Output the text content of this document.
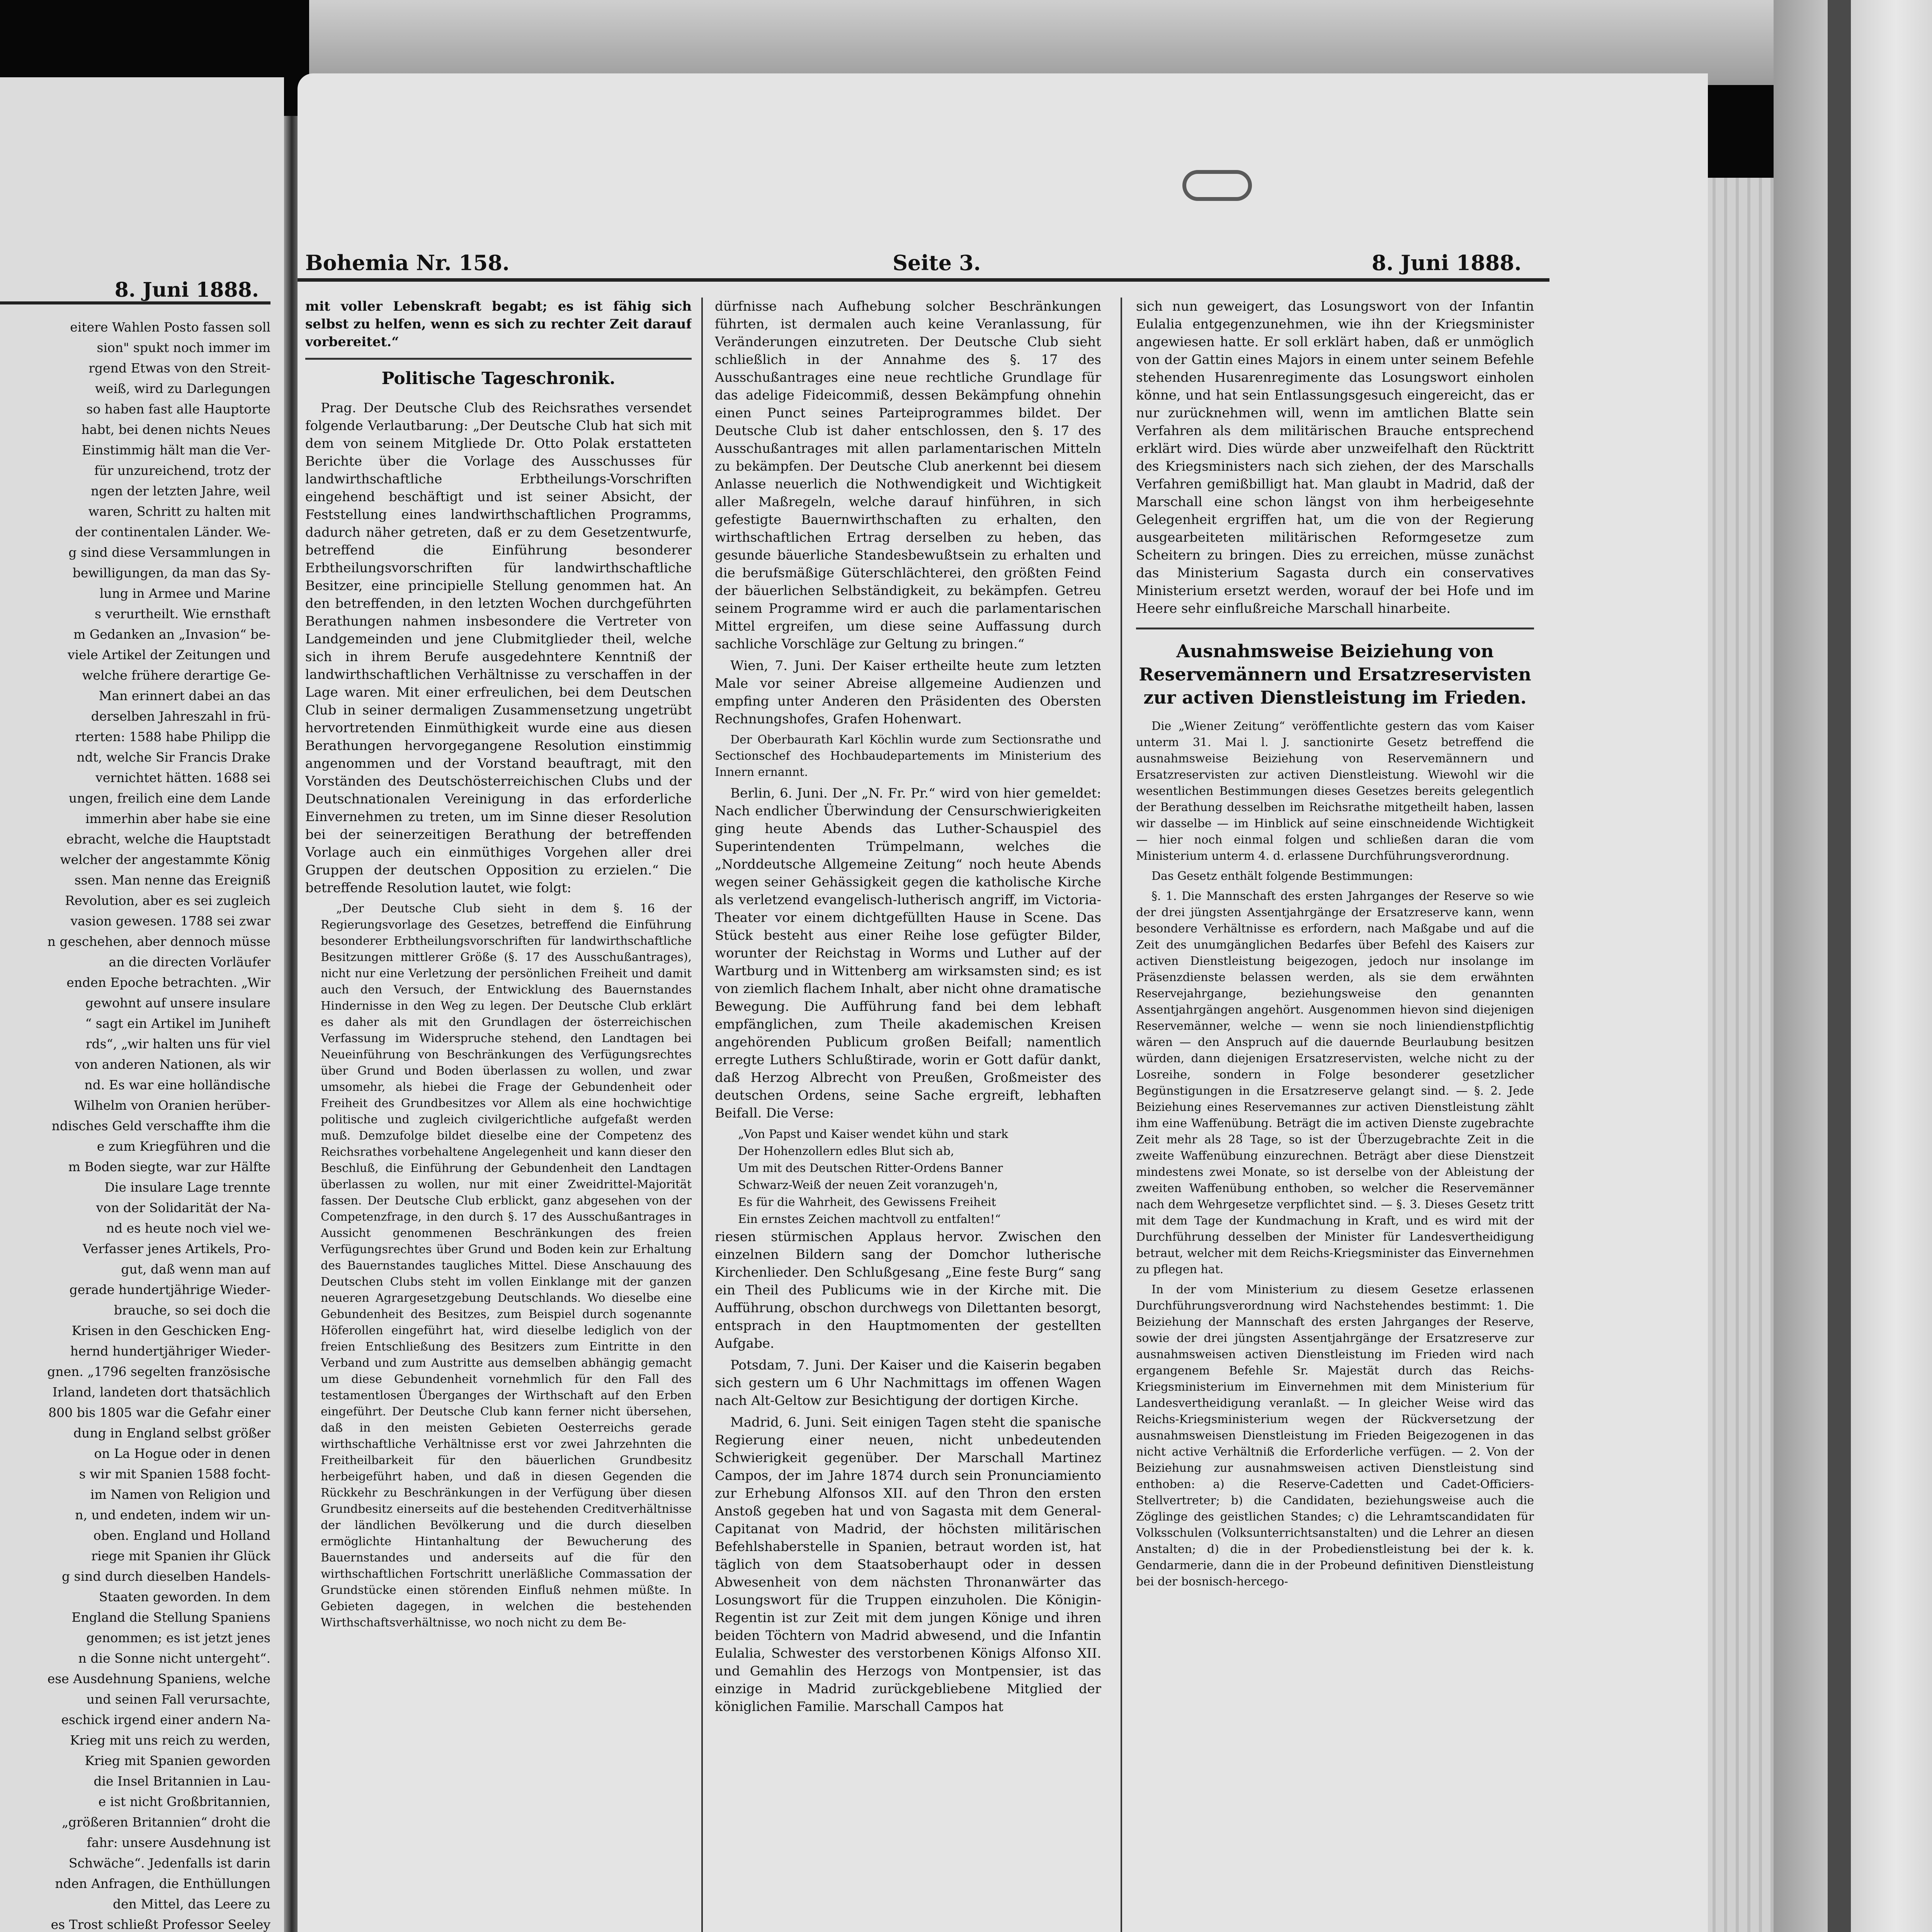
8. Juni 1888.
eitere Wahlen Posto fassen soll
sion" spukt noch immer im
rgend Etwas von den Streit-
weiß, wird zu Darlegungen
so haben fast alle Hauptorte
habt, bei denen nichts Neues
Einstimmig hält man die Ver-
für unzureichend, trotz der
ngen der letzten Jahre, weil
waren, Schritt zu halten mit
der continentalen Länder. We-
g sind diese Versammlungen in
bewilligungen, da man das Sy-
lung in Armee und Marine
s verurtheilt. Wie ernsthaft
m Gedanken an „Invasion“ be-
viele Artikel der Zeitungen und
welche frühere derartige Ge-
Man erinnert dabei an das
derselben Jahreszahl in frü-
rterten: 1588 habe Philipp die
ndt, welche Sir Francis Drake
vernichtet hätten. 1688 sei
ungen, freilich eine dem Lande
immerhin aber habe sie eine
ebracht, welche die Hauptstadt
welcher der angestammte König
ssen. Man nenne das Ereigniß
Revolution, aber es sei zugleich
vasion gewesen. 1788 sei zwar
n geschehen, aber dennoch müsse
an die directen Vorläufer
enden Epoche betrachten. „Wir
gewohnt auf unsere insulare
“ sagt ein Artikel im Juniheft
rds“, „wir halten uns für viel
von anderen Nationen, als wir
nd. Es war eine holländische
Wilhelm von Oranien herüber-
ndisches Geld verschaffte ihm die
e zum Kriegführen und die
m Boden siegte, war zur Hälfte
Die insulare Lage trennte
von der Solidarität der Na-
nd es heute noch viel we-
Verfasser jenes Artikels, Pro-
gut, daß wenn man auf
gerade hundertjährige Wieder-
brauche, so sei doch die
Krisen in den Geschicken Eng-
hernd hundertjähriger Wieder-
gnen. „1796 segelten französische
Irland, landeten dort thatsächlich
800 bis 1805 war die Gefahr einer
dung in England selbst größer
on La Hogue oder in denen
s wir mit Spanien 1588 focht-
im Namen von Religion und
n, und endeten, indem wir un-
oben. England und Holland
riege mit Spanien ihr Glück
g sind durch dieselben Handels-
Staaten geworden. In dem
England die Stellung Spaniens
genommen; es ist jetzt jenes
n die Sonne nicht untergeht“.
ese Ausdehnung Spaniens, welche
und seinen Fall verursachte,
eschick irgend einer andern Na-
Krieg mit uns reich zu werden,
Krieg mit Spanien geworden
die Insel Britannien in Lau-
e ist nicht Großbritannien,
„größeren Britannien“ droht die
fahr: unsere Ausdehnung ist
Schwäche“. Jedenfalls ist darin
nden Anfragen, die Enthüllungen
den Mittel, das Leere zu
es Trost schließt Professor Seeley
Bohemia Nr. 158.	Seite 3.	8. Juni 1888.

mit voller Lebenskraft begabt; es ist fähig sich selbst zu helfen, wenn es sich zu rechter Zeit darauf vorbereitet.“

Politische Tageschronik.

Prag. Der Deutsche Club des Reichsrathes versendet folgende Verlautbarung: „Der Deutsche Club hat sich mit dem von seinem Mitgliede Dr. Otto Polak erstatteten Berichte über die Vorlage des Ausschusses für landwirthschaftliche Erbtheilungs-Vorschriften eingehend beschäftigt und ist seiner Absicht, der Feststellung eines landwirthschaftlichen Programms, dadurch näher getreten, daß er zu dem Gesetzentwurfe, betreffend die Einführung besonderer Erbtheilungsvorschriften für landwirthschaftliche Besitzer, eine principielle Stellung genommen hat. An den betreffenden, in den letzten Wochen durchgeführten Berathungen nahmen insbesondere die Vertreter von Landgemeinden und jene Clubmitglieder theil, welche sich in ihrem Berufe ausgedehntere Kenntniß der landwirthschaftlichen Verhältnisse zu verschaffen in der Lage waren. Mit einer erfreulichen, bei dem Deutschen Club in seiner dermaligen Zusammensetzung ungetrübt hervortretenden Einmüthigkeit wurde eine aus diesen Berathungen hervorgegangene Resolution einstimmig angenommen und der Vorstand beauftragt, mit den Vorständen des Deutschösterreichischen Clubs und der Deutschnationalen Vereinigung in das erforderliche Einvernehmen zu treten, um im Sinne dieser Resolution bei der seinerzeitigen Berathung der betreffenden Vorlage auch ein einmüthiges Vorgehen aller drei Gruppen der deutschen Opposition zu erzielen.“ Die betreffende Resolution lautet, wie folgt:

„Der Deutsche Club sieht in dem §. 16 der Regierungsvorlage des Gesetzes, betreffend die Einführung besonderer Erbtheilungsvorschriften für landwirthschaftliche Besitzungen mittlerer Größe (§. 17 des Ausschußantrages), nicht nur eine Verletzung der persönlichen Freiheit und damit auch den Versuch, der Entwicklung des Bauernstandes Hindernisse in den Weg zu legen. Der Deutsche Club erklärt es daher als mit den Grundlagen der österreichischen Verfassung im Widerspruche stehend, den Landtagen bei Neueinführung von Beschränkungen des Verfügungsrechtes über Grund und Boden überlassen zu wollen, und zwar umsomehr, als hiebei die Frage der Gebundenheit oder Freiheit des Grundbesitzes vor Allem als eine hochwichtige politische und zugleich civilgerichtliche aufgefaßt werden muß. Demzufolge bildet dieselbe eine der Competenz des Reichsrathes vorbehaltene Angelegenheit und kann dieser den Beschluß, die Einführung der Gebundenheit den Landtagen überlassen zu wollen, nur mit einer Zweidrittel-Majorität fassen. Der Deutsche Club erblickt, ganz abgesehen von der Competenzfrage, in den durch §. 17 des Ausschußantrages in Aussicht genommenen Beschränkungen des freien Verfügungsrechtes über Grund und Boden kein zur Erhaltung des Bauernstandes taugliches Mittel. Diese Anschauung des Deutschen Clubs steht im vollen Einklange mit der ganzen neueren Agrargesetzgebung Deutschlands. Wo dieselbe eine Gebundenheit des Besitzes, zum Beispiel durch sogenannte Höferollen eingeführt hat, wird dieselbe lediglich von der freien Entschließung des Besitzers zum Eintritte in den Verband und zum Austritte aus demselben abhängig gemacht um diese Gebundenheit vornehmlich für den Fall des testamentlosen Überganges der Wirthschaft auf den Erben eingeführt. Der Deutsche Club kann ferner nicht übersehen, daß in den meisten Gebieten Oesterreichs gerade wirthschaftliche Verhältnisse erst vor zwei Jahrzehnten die Freitheilbarkeit für den bäuerlichen Grundbesitz herbeigeführt haben, und daß in diesen Gegenden die Rückkehr zu Beschränkungen in der Verfügung über diesen Grundbesitz einerseits auf die bestehenden Creditverhältnisse der ländlichen Bevölkerung und die durch dieselben ermöglichte Hintanhaltung der Bewucherung des Bauernstandes und anderseits auf die für den wirthschaftlichen Fortschritt unerläßliche Commassation der Grundstücke einen störenden Einfluß nehmen müßte. In Gebieten dagegen, in welchen die bestehenden Wirthschaftsverhältnisse, wo noch nicht zu dem Be-

dürfnisse nach Aufhebung solcher Beschränkungen führten, ist dermalen auch keine Veranlassung, für Veränderungen einzutreten. Der Deutsche Club sieht schließlich in der Annahme des §. 17 des Ausschußantrages eine neue rechtliche Grundlage für das adelige Fideicommiß, dessen Bekämpfung ohnehin einen Punct seines Parteiprogrammes bildet. Der Deutsche Club ist daher entschlossen, den §. 17 des Ausschußantrages mit allen parlamentarischen Mitteln zu bekämpfen. Der Deutsche Club anerkennt bei diesem Anlasse neuerlich die Nothwendigkeit und Wichtigkeit aller Maßregeln, welche darauf hinführen, in sich gefestigte Bauernwirthschaften zu erhalten, den wirthschaftlichen Ertrag derselben zu heben, das gesunde bäuerliche Standesbewußtsein zu erhalten und die berufsmäßige Güterschlächterei, den größten Feind der bäuerlichen Selbständigkeit, zu bekämpfen. Getreu seinem Programme wird er auch die parlamentarischen Mittel ergreifen, um diese seine Auffassung durch sachliche Vorschläge zur Geltung zu bringen.“

Wien, 7. Juni. Der Kaiser ertheilte heute zum letzten Male vor seiner Abreise allgemeine Audienzen und empfing unter Anderen den Präsidenten des Obersten Rechnungshofes, Grafen Hohenwart.

Der Oberbaurath Karl Köchlin wurde zum Sectionsrathe und Sectionschef des Hochbaudepartements im Ministerium des Innern ernannt.

Berlin, 6. Juni. Der „N. Fr. Pr.“ wird von hier gemeldet: Nach endlicher Überwindung der Censurschwierigkeiten ging heute Abends das Luther-Schauspiel des Superintendenten Trümpelmann, welches die „Norddeutsche Allgemeine Zeitung“ noch heute Abends wegen seiner Gehässigkeit gegen die katholische Kirche als verletzend evangelisch-lutherisch angriff, im Victoria-Theater vor einem dichtgefüllten Hause in Scene. Das Stück besteht aus einer Reihe lose gefügter Bilder, worunter der Reichstag in Worms und Luther auf der Wartburg und in Wittenberg am wirksamsten sind; es ist von ziemlich flachem Inhalt, aber nicht ohne dramatische Bewegung. Die Aufführung fand bei dem lebhaft empfänglichen, zum Theile akademischen Kreisen angehörenden Publicum großen Beifall; namentlich erregte Luthers Schlußtirade, worin er Gott dafür dankt, daß Herzog Albrecht von Preußen, Großmeister des deutschen Ordens, seine Sache ergreift, lebhaften Beifall. Die Verse:

„Von Papst und Kaiser wendet kühn und stark
Der Hohenzollern edles Blut sich ab,
Um mit des Deutschen Ritter-Ordens Banner
Schwarz-Weiß der neuen Zeit voranzugeh'n,
Es für die Wahrheit, des Gewissens Freiheit
Ein ernstes Zeichen machtvoll zu entfalten!“

riesen stürmischen Applaus hervor. Zwischen den einzelnen Bildern sang der Domchor lutherische Kirchenlieder. Den Schlußgesang „Eine feste Burg“ sang ein Theil des Publicums wie in der Kirche mit. Die Aufführung, obschon durchwegs von Dilettanten besorgt, entsprach in den Hauptmomenten der gestellten Aufgabe.

Potsdam, 7. Juni. Der Kaiser und die Kaiserin begaben sich gestern um 6 Uhr Nachmittags im offenen Wagen nach Alt-Geltow zur Besichtigung der dortigen Kirche.

Madrid, 6. Juni. Seit einigen Tagen steht die spanische Regierung einer neuen, nicht unbedeutenden Schwierigkeit gegenüber. Der Marschall Martinez Campos, der im Jahre 1874 durch sein Pronunciamiento zur Erhebung Alfonsos XII. auf den Thron den ersten Anstoß gegeben hat und von Sagasta mit dem General-Capitanat von Madrid, der höchsten militärischen Befehlshaberstelle in Spanien, betraut worden ist, hat täglich von dem Staatsoberhaupt oder in dessen Abwesenheit von dem nächsten Thronanwärter das Losungswort für die Truppen einzuholen. Die Königin-Regentin ist zur Zeit mit dem jungen Könige und ihren beiden Töchtern von Madrid abwesend, und die Infantin Eulalia, Schwester des verstorbenen Königs Alfonso XII. und Gemahlin des Herzogs von Montpensier, ist das einzige in Madrid zurückgebliebene Mitglied der königlichen Familie. Marschall Campos hat

sich nun geweigert, das Losungswort von der Infantin Eulalia entgegenzunehmen, wie ihn der Kriegsminister angewiesen hatte. Er soll erklärt haben, daß er unmöglich von der Gattin eines Majors in einem unter seinem Befehle stehenden Husarenregimente das Losungswort einholen könne, und hat sein Entlassungsgesuch eingereicht, das er nur zurücknehmen will, wenn im amtlichen Blatte sein Verfahren als dem militärischen Brauche entsprechend erklärt wird. Dies würde aber unzweifelhaft den Rücktritt des Kriegsministers nach sich ziehen, der des Marschalls Verfahren gemißbilligt hat. Man glaubt in Madrid, daß der Marschall eine schon längst von ihm herbeigesehnte Gelegenheit ergriffen hat, um die von der Regierung ausgearbeiteten militärischen Reformgesetze zum Scheitern zu bringen. Dies zu erreichen, müsse zunächst das Ministerium Sagasta durch ein conservatives Ministerium ersetzt werden, worauf der bei Hofe und im Heere sehr einflußreiche Marschall hinarbeite.

Ausnahmsweise Beiziehung von Reservemännern und Ersatzreservisten zur activen Dienstleistung im Frieden.

Die „Wiener Zeitung“ veröffentlichte gestern das vom Kaiser unterm 31. Mai l. J. sanctionirte Gesetz betreffend die ausnahmsweise Beiziehung von Reservemännern und Ersatzreservisten zur activen Dienstleistung. Wiewohl wir die wesentlichen Bestimmungen dieses Gesetzes bereits gelegentlich der Berathung desselben im Reichsrathe mitgetheilt haben, lassen wir dasselbe — im Hinblick auf seine einschneidende Wichtigkeit — hier noch einmal folgen und schließen daran die vom Ministerium unterm 4. d. erlassene Durchführungsverordnung.

Das Gesetz enthält folgende Bestimmungen:

§. 1. Die Mannschaft des ersten Jahrganges der Reserve so wie der drei jüngsten Assentjahrgänge der Ersatzreserve kann, wenn besondere Verhältnisse es erfordern, nach Maßgabe und auf die Zeit des unumgänglichen Bedarfes über Befehl des Kaisers zur activen Dienstleistung beigezogen, jedoch nur insolange im Präsenzdienste belassen werden, als sie dem erwähnten Reservejahrgange, beziehungsweise den genannten Assentjahrgängen angehört. Ausgenommen hievon sind diejenigen Reservemänner, welche — wenn sie noch liniendienstpflichtig wären — den Anspruch auf die dauernde Beurlaubung besitzen würden, dann diejenigen Ersatzreservisten, welche nicht zu der Losreihe, sondern in Folge besonderer gesetzlicher Begünstigungen in die Ersatzreserve gelangt sind. — §. 2. Jede Beiziehung eines Reservemannes zur activen Dienstleistung zählt ihm eine Waffenübung. Beträgt die im activen Dienste zugebrachte Zeit mehr als 28 Tage, so ist der Überzugebrachte Zeit in die zweite Waffenübung einzurechnen. Beträgt aber diese Dienstzeit mindestens zwei Monate, so ist derselbe von der Ableistung der zweiten Waffenübung enthoben, so welcher die Reservemänner nach dem Wehrgesetze verpflichtet sind. — §. 3. Dieses Gesetz tritt mit dem Tage der Kundmachung in Kraft, und es wird mit der Durchführung desselben der Minister für Landesvertheidigung betraut, welcher mit dem Reichs-Kriegsminister das Einvernehmen zu pflegen hat.

In der vom Ministerium zu diesem Gesetze erlassenen Durchführungsverordnung wird Nachstehendes bestimmt: 1. Die Beiziehung der Mannschaft des ersten Jahrganges der Reserve, sowie der drei jüngsten Assentjahrgänge der Ersatzreserve zur ausnahmsweisen activen Dienstleistung im Frieden wird nach ergangenem Befehle Sr. Majestät durch das Reichs-Kriegsministerium im Einvernehmen mit dem Ministerium für Landesvertheidigung veranlaßt. — In gleicher Weise wird das Reichs-Kriegsministerium wegen der Rückversetzung der ausnahmsweisen Dienstleistung im Frieden Beigezogenen in das nicht active Verhältniß die Erforderliche verfügen. — 2. Von der Beiziehung zur ausnahmsweisen activen Dienstleistung sind enthoben: a) die Reserve-Cadetten und Cadet-Officiers-Stellvertreter; b) die Candidaten, beziehungsweise auch die Zöglinge des geistlichen Standes; c) die Lehramtscandidaten für Volksschulen (Volksunterrichtsanstalten) und die Lehrer an diesen Anstalten; d) die in der Probedienstleistung bei der k. k. Gendarmerie, dann die in der Probeund definitiven Dienstleistung bei der bosnisch-hercego-
